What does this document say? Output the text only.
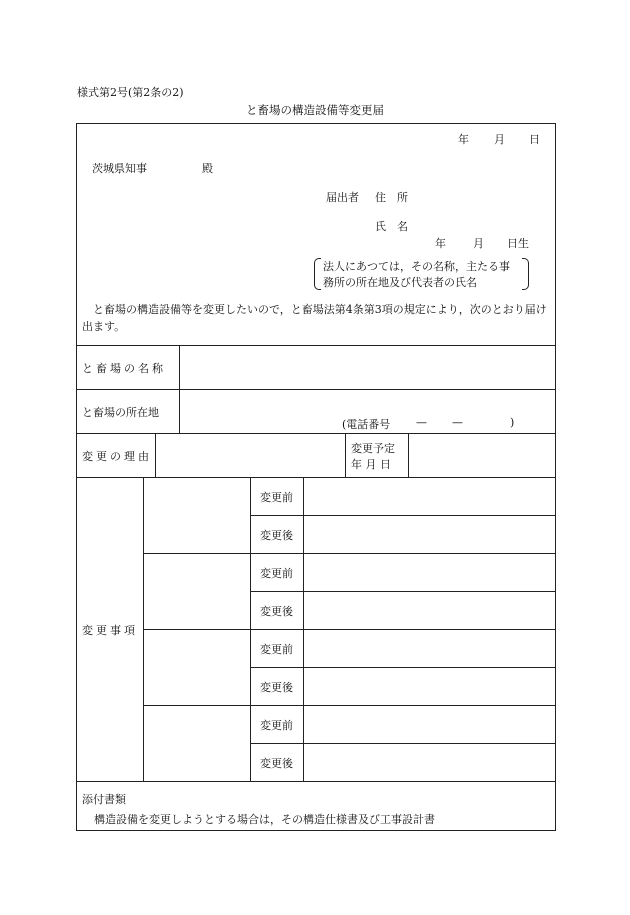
様式第2号(第2条の2)
と畜場の構造設備等変更届
年 月 日
茨城県知事	殿
届出者 住　所
氏　名
年 月 日生
法人にあつては，その名称，主たる事
務所の所在地及び代表者の氏名
と畜場の構造設備等を変更したいので，と畜場法第4条第3項の規定により，次のとおり届け出ます。
と畜場の名称
と畜場の所在地
(電話番号 — —	)
変更の理由
変更予定
年 月 日
変更事項
変更前
変更後
変更前
変更後
変更前
変更後
変更前
変更後
添付書類
構造設備を変更しようとする場合は，その構造仕様書及び工事設計書
